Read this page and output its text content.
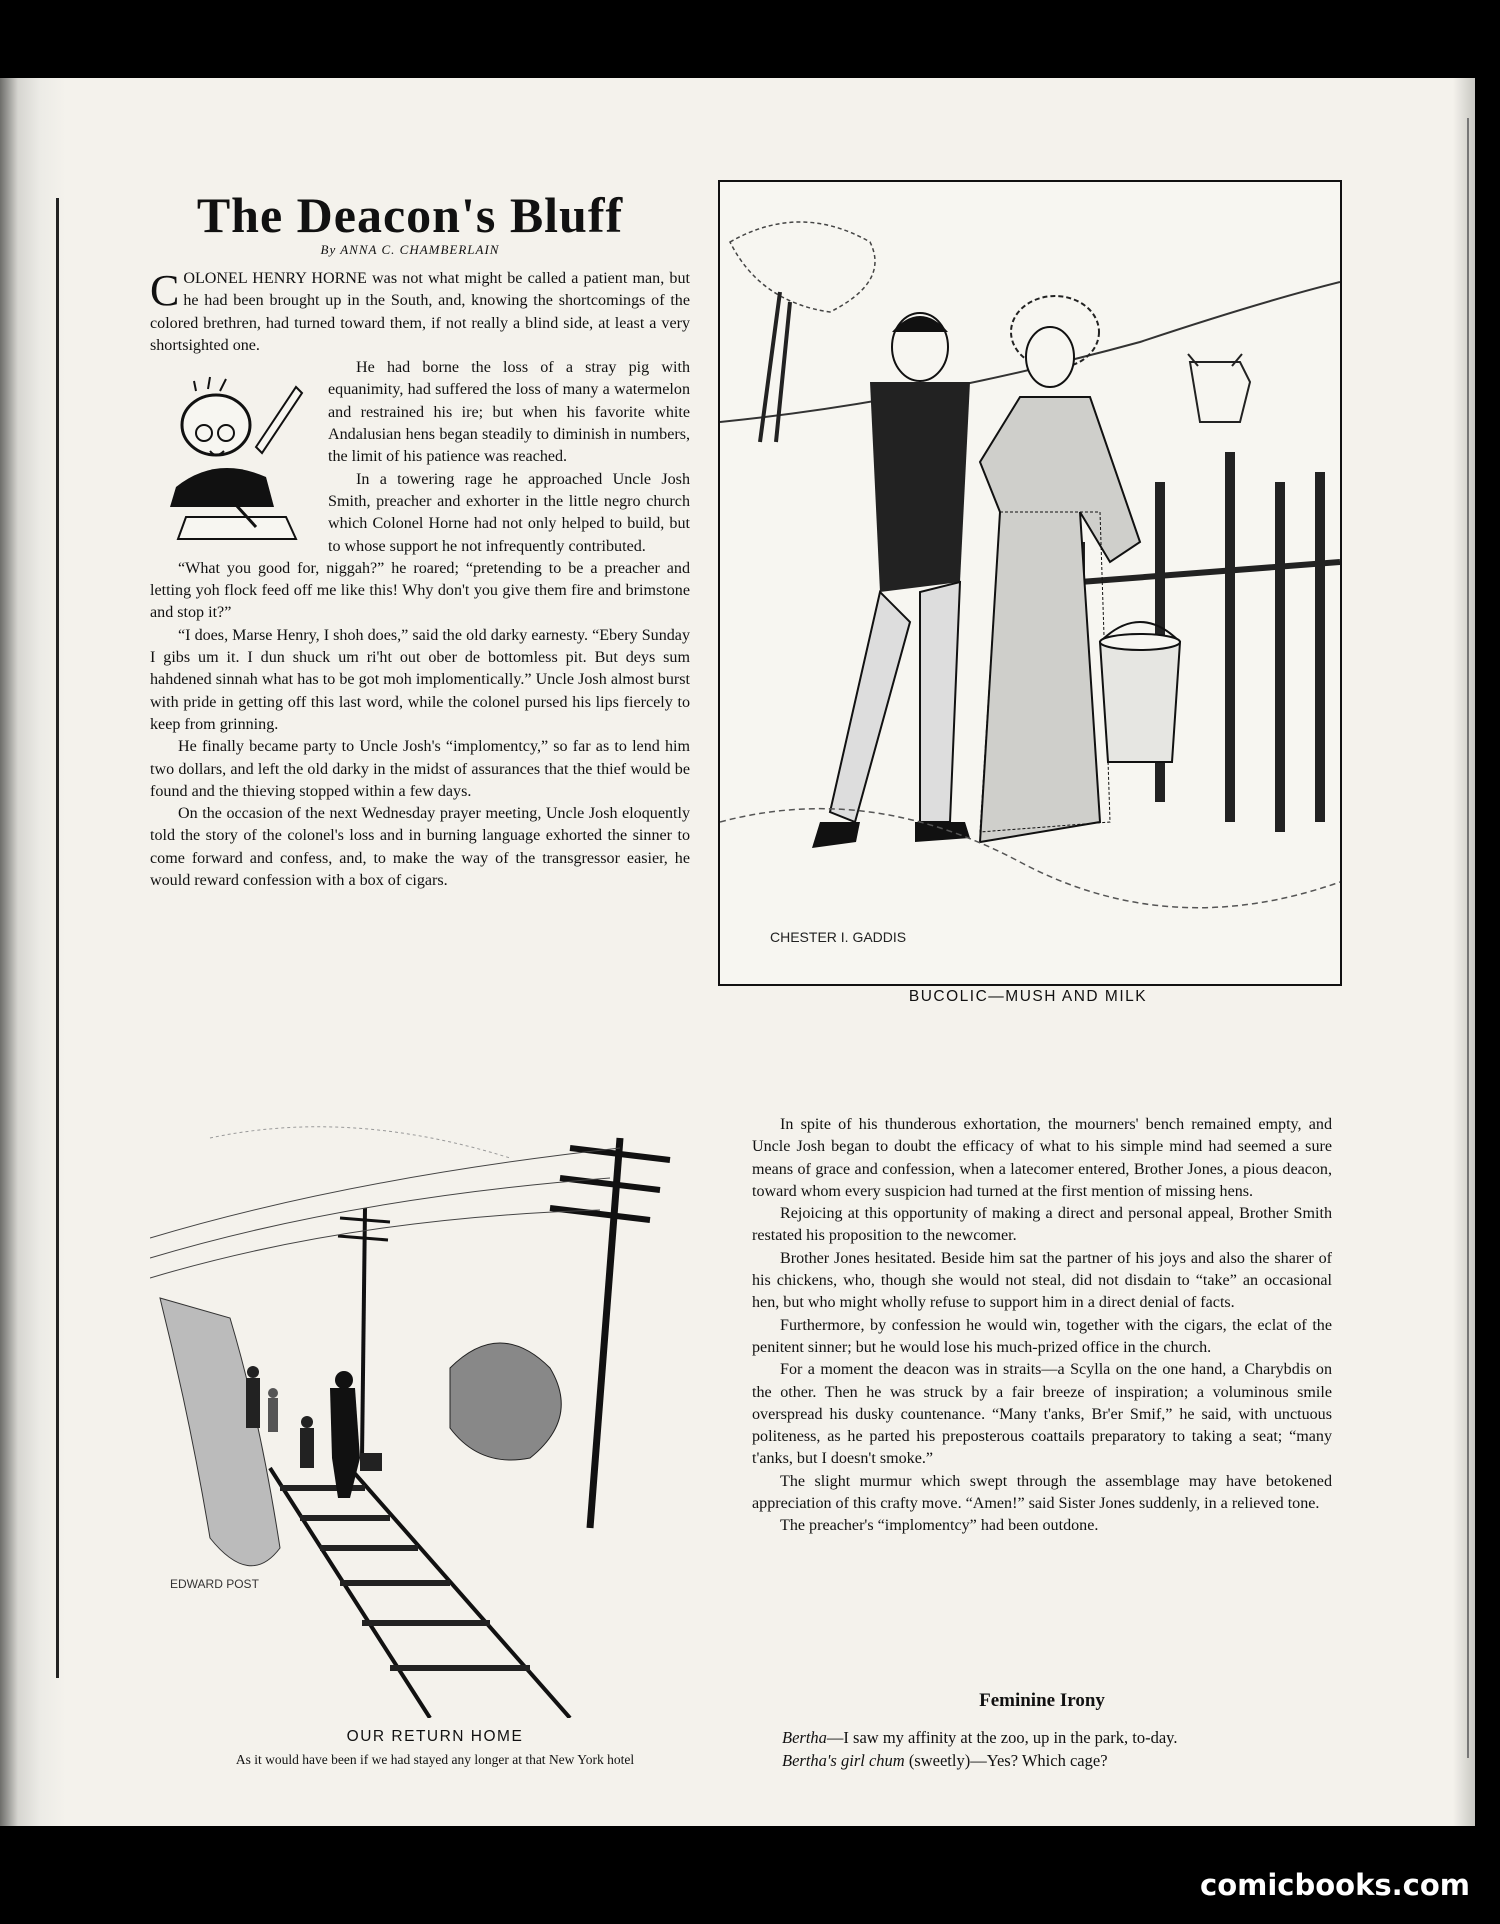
The Deacon's Bluff
By ANNA C. CHAMBERLAIN

COLONEL HENRY HORNE was not what might be called a patient man, but he had been brought up in the South, and, knowing the shortcomings of the colored brethren, had turned toward them, if not really a blind side, at least a very shortsighted one.

He had borne the loss of a stray pig with equanimity, had suffered the loss of many a watermelon and restrained his ire; but when his favorite white Andalusian hens began steadily to diminish in numbers, the limit of his patience was reached.

In a towering rage he approached Uncle Josh Smith, preacher and exhorter in the little negro church which Colonel Horne had not only helped to build, but to whose support he not infrequently contributed.

“What you good for, niggah?” he roared; “pretending to be a preacher and letting yoh flock feed off me like this! Why don't you give them fire and brimstone and stop it?”

“I does, Marse Henry, I shoh does,” said the old darky earnesty. “Ebery Sunday I gibs um it. I dun shuck um ri'ht out ober de bottomless pit. But deys sum hahdened sinnah what has to be got moh implomentically.” Uncle Josh almost burst with pride in getting off this last word, while the colonel pursed his lips fiercely to keep from grinning.

He finally became party to Uncle Josh's “implomentcy,” so far as to lend him two dollars, and left the old darky in the midst of assurances that the thief would be found and the thieving stopped within a few days.

On the occasion of the next Wednesday prayer meeting, Uncle Josh eloquently told the story of the colonel's loss and in burning language exhorted the sinner to come forward and confess, and, to make the way of the transgressor easier, he would reward confession with a box of cigars.

CHESTER I. GADDIS
BUCOLIC—MUSH AND MILK
EDWARD POST
OUR RETURN HOME
As it would have been if we had stayed any longer at that New York hotel

In spite of his thunderous exhortation, the mourners' bench remained empty, and Uncle Josh began to doubt the efficacy of what to his simple mind had seemed a sure means of grace and confession, when a latecomer entered, Brother Jones, a pious deacon, toward whom every suspicion had turned at the first mention of missing hens.

Rejoicing at this opportunity of making a direct and personal appeal, Brother Smith restated his proposition to the newcomer.

Brother Jones hesitated. Beside him sat the partner of his joys and also the sharer of his chickens, who, though she would not steal, did not disdain to “take” an occasional hen, but who might wholly refuse to support him in a direct denial of facts.

Furthermore, by confession he would win, together with the cigars, the eclat of the penitent sinner; but he would lose his much-prized office in the church.

For a moment the deacon was in straits—a Scylla on the one hand, a Charybdis on the other. Then he was struck by a fair breeze of inspiration; a voluminous smile overspread his dusky countenance. “Many t'anks, Br'er Smif,” he said, with unctuous politeness, as he parted his preposterous coattails preparatory to taking a seat; “many t'anks, but I doesn't smoke.”

The slight murmur which swept through the assemblage may have betokened appreciation of this crafty move. “Amen!” said Sister Jones suddenly, in a relieved tone.

The preacher's “implomentcy” had been outdone.

Feminine Irony

Bertha—I saw my affinity at the zoo, up in the park, to-day.

Bertha's girl chum (sweetly)—Yes? Which cage?

comicbooks.com
